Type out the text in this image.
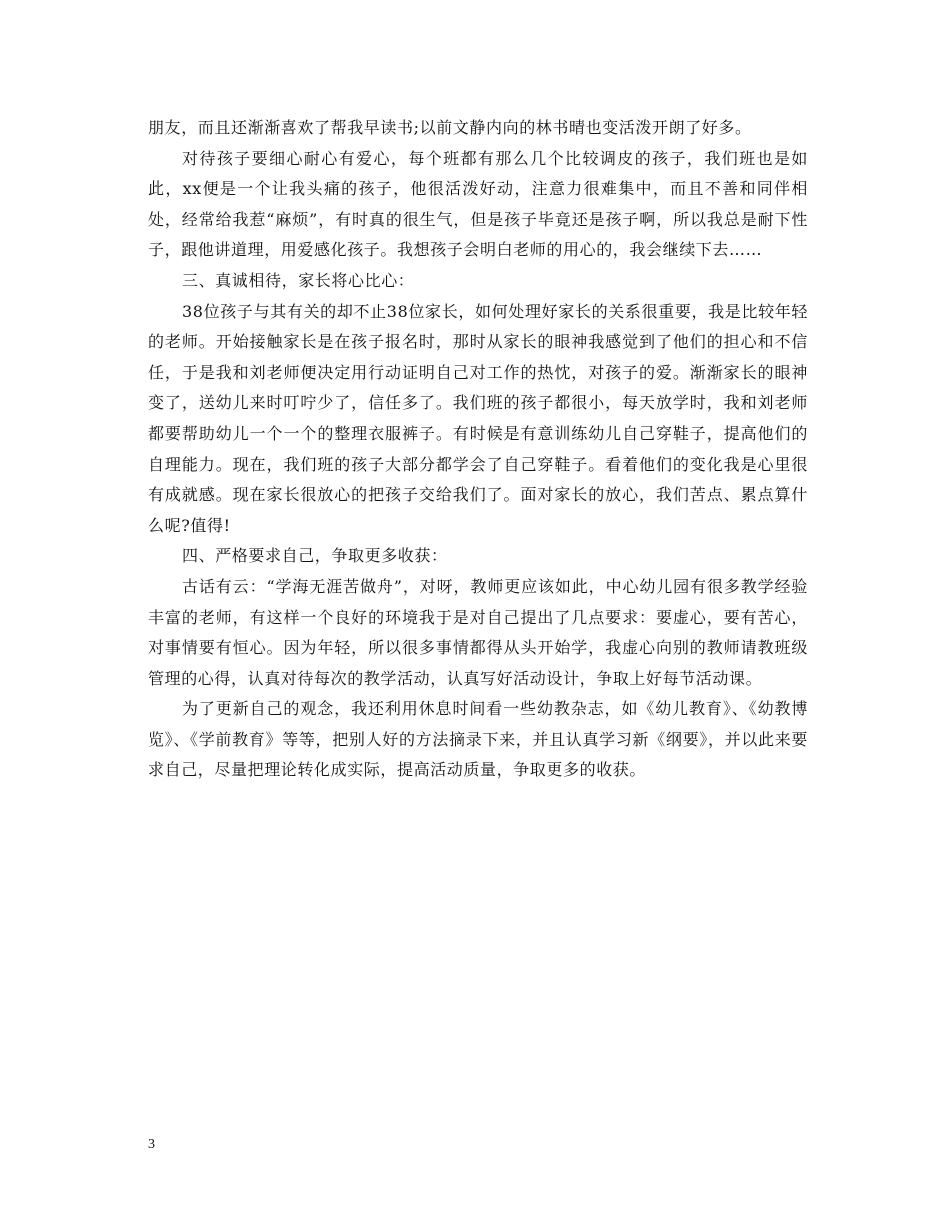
朋友，而且还渐渐喜欢了帮我早读书;以前文静内向的林书晴也变活泼开朗了好多。

对待孩子要细心耐心有爱心，每个班都有那么几个比较调皮的孩子，我们班也是如此，xx便是一个让我头痛的孩子，他很活泼好动，注意力很难集中，而且不善和同伴相处，经常给我惹“麻烦”，有时真的很生气，但是孩子毕竟还是孩子啊，所以我总是耐下性子，跟他讲道理，用爱感化孩子。我想孩子会明白老师的用心的，我会继续下去……

三、真诚相待，家长将心比心：

38位孩子与其有关的却不止38位家长，如何处理好家长的关系很重要，我是比较年轻的老师。开始接触家长是在孩子报名时，那时从家长的眼神我感觉到了他们的担心和不信任，于是我和刘老师便决定用行动证明自己对工作的热忱，对孩子的爱。渐渐家长的眼神变了，送幼儿来时叮咛少了，信任多了。我们班的孩子都很小，每天放学时，我和刘老师都要帮助幼儿一个一个的整理衣服裤子。有时候是有意训练幼儿自己穿鞋子，提高他们的自理能力。现在，我们班的孩子大部分都学会了自己穿鞋子。看着他们的变化我是心里很有成就感。现在家长很放心的把孩子交给我们了。面对家长的放心，我们苦点、累点算什么呢?值得!

四、严格要求自己，争取更多收获：

古话有云：“学海无涯苦做舟”，对呀，教师更应该如此，中心幼儿园有很多教学经验丰富的老师，有这样一个良好的环境我于是对自己提出了几点要求：要虚心，要有苦心，对事情要有恒心。因为年轻，所以很多事情都得从头开始学，我虚心向别的教师请教班级管理的心得，认真对待每次的教学活动，认真写好活动设计，争取上好每节活动课。

为了更新自己的观念，我还利用休息时间看一些幼教杂志，如《幼儿教育》、《幼教博览》、《学前教育》等等，把别人好的方法摘录下来，并且认真学习新《纲要》，并以此来要求自己，尽量把理论转化成实际，提高活动质量，争取更多的收获。

3
